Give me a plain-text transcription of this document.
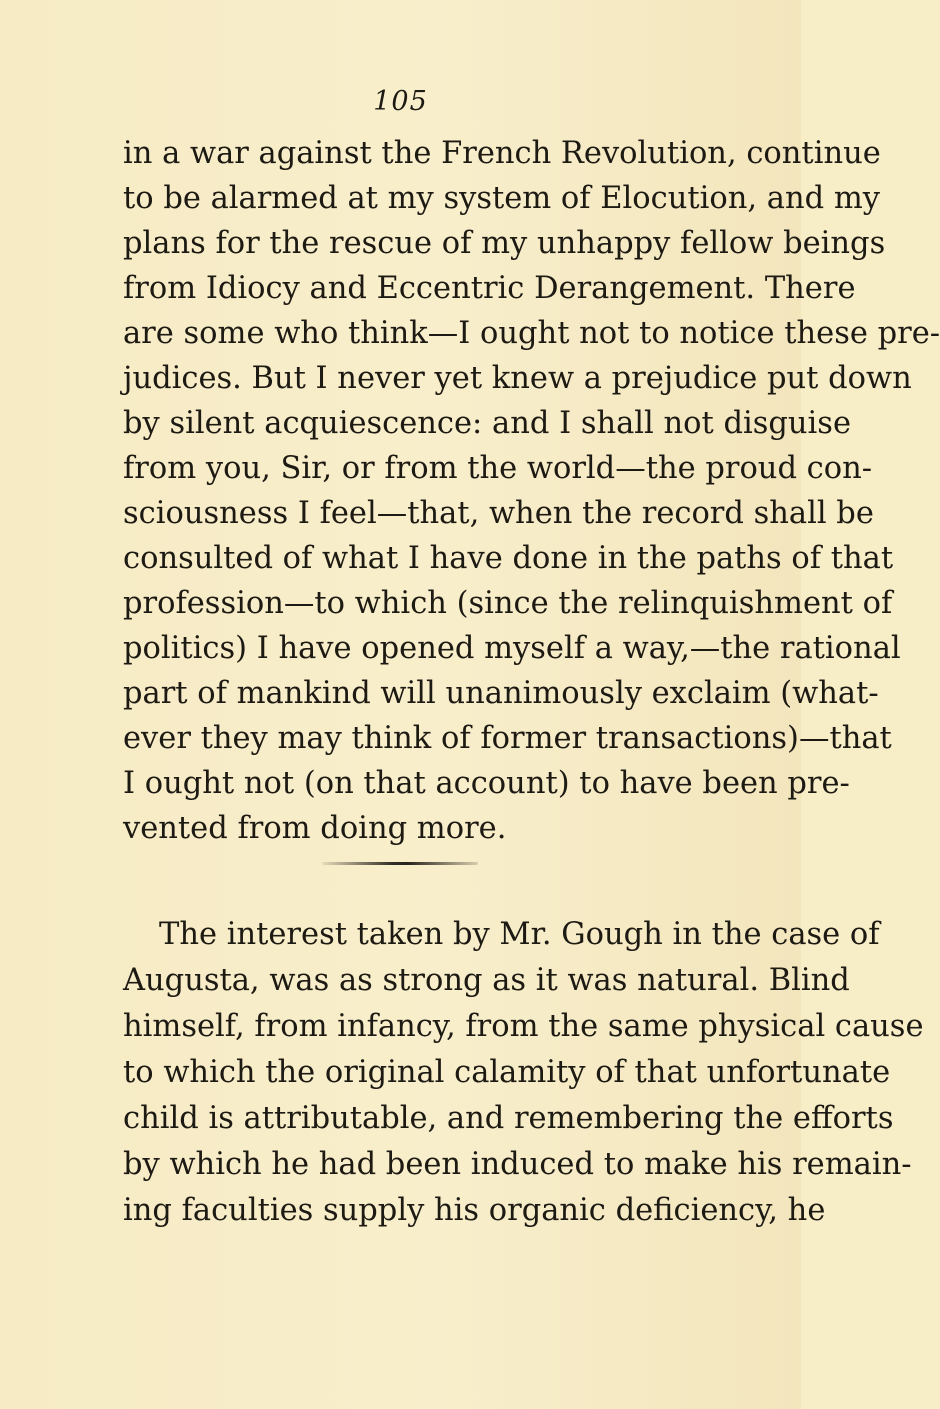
105

in a war against the French Revolution, continue

to be alarmed at my system of Elocution, and my

plans for the rescue of my unhappy fellow beings

from Idiocy and Eccentric Derangement. There

are some who think—I ought not to notice these pre-

judices. But I never yet knew a prejudice put down

by silent acquiescence: and I shall not disguise

from you, Sir, or from the world—the proud con-

sciousness I feel—that, when the record shall be

consulted of what I have done in the paths of that

profession—to which (since the relinquishment of

politics) I have opened myself a way,—the rational

part of mankind will unanimously exclaim (what-

ever they may think of former transactions)—that

I ought not (on that account) to have been pre-

vented from doing more.

The interest taken by Mr. Gough in the case of

Augusta, was as strong as it was natural. Blind

himself, from infancy, from the same physical cause

to which the original calamity of that unfortunate

child is attributable, and remembering the efforts

by which he had been induced to make his remain-

ing faculties supply his organic deficiency, he
